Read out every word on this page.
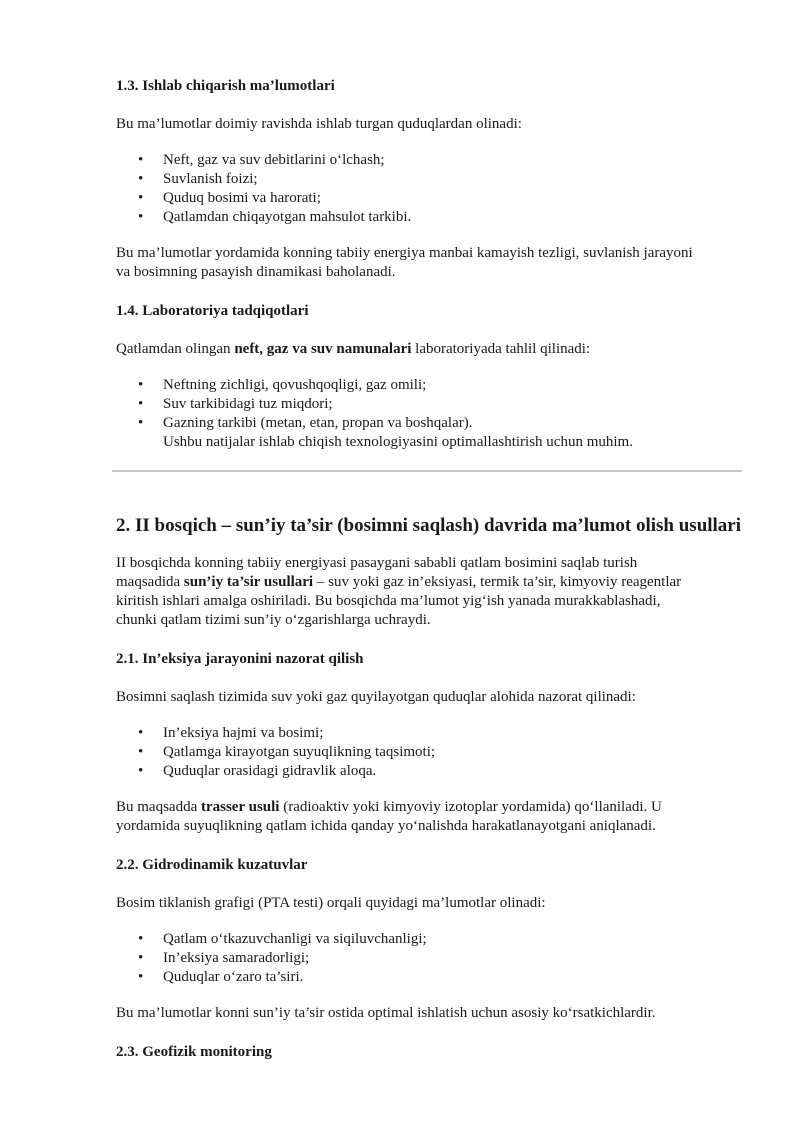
1.3. Ishlab chiqarish ma’lumotlari
Bu ma’lumotlar doimiy ravishda ishlab turgan quduqlardan olinadi:
• Neft, gaz va suv debitlarini o‘lchash;
• Suvlanish foizi;
• Quduq bosimi va harorati;
• Qatlamdan chiqayotgan mahsulot tarkibi.
Bu ma’lumotlar yordamida konning tabiiy energiya manbai kamayish tezligi, suvlanish jarayoni
va bosimning pasayish dinamikasi baholanadi.
1.4. Laboratoriya tadqiqotlari
Qatlamdan olingan neft, gaz va suv namunalari laboratoriyada tahlil qilinadi:
• Neftning zichligi, qovushqoqligi, gaz omili;
• Suv tarkibidagi tuz miqdori;
• Gazning tarkibi (metan, etan, propan va boshqalar).
Ushbu natijalar ishlab chiqish texnologiyasini optimallashtirish uchun muhim.
2. II bosqich – sun’iy ta’sir (bosimni saqlash) davrida ma’lumot olish usullari
II bosqichda konning tabiiy energiyasi pasaygani sababli qatlam bosimini saqlab turish
maqsadida sun’iy ta’sir usullari – suv yoki gaz in’eksiyasi, termik ta’sir, kimyoviy reagentlar
kiritish ishlari amalga oshiriladi. Bu bosqichda ma’lumot yig‘ish yanada murakkablashadi,
chunki qatlam tizimi sun’iy o‘zgarishlarga uchraydi.
2.1. In’eksiya jarayonini nazorat qilish
Bosimni saqlash tizimida suv yoki gaz quyilayotgan quduqlar alohida nazorat qilinadi:
• In’eksiya hajmi va bosimi;
• Qatlamga kirayotgan suyuqlikning taqsimoti;
• Quduqlar orasidagi gidravlik aloqa.
Bu maqsadda trasser usuli (radioaktiv yoki kimyoviy izotoplar yordamida) qo‘llaniladi. U
yordamida suyuqlikning qatlam ichida qanday yo‘nalishda harakatlanayotgani aniqlanadi.
2.2. Gidrodinamik kuzatuvlar
Bosim tiklanish grafigi (PTA testi) orqali quyidagi ma’lumotlar olinadi:
• Qatlam o‘tkazuvchanligi va siqiluvchanligi;
• In’eksiya samaradorligi;
• Quduqlar o‘zaro ta’siri.
Bu ma’lumotlar konni sun’iy ta’sir ostida optimal ishlatish uchun asosiy ko‘rsatkichlardir.
2.3. Geofizik monitoring
